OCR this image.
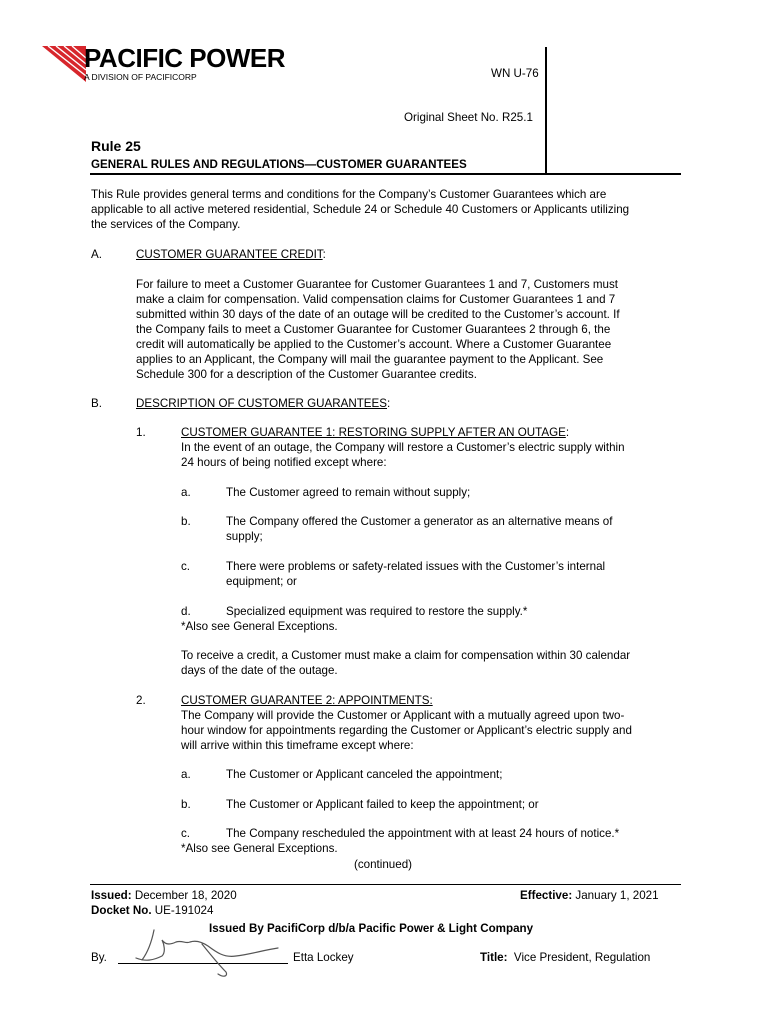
PACIFIC POWER
A DIVISION OF PACIFICORP	WN U-76
Original Sheet No. R25.1
Rule 25
GENERAL RULES AND REGULATIONS—CUSTOMER GUARANTEES
This Rule provides general terms and conditions for the Company’s Customer Guarantees which are
applicable to all active metered residential, Schedule 24 or Schedule 40 Customers or Applicants utilizing
the services of the Company.
A.	CUSTOMER GUARANTEE CREDIT:
For failure to meet a Customer Guarantee for Customer Guarantees 1 and 7, Customers must
make a claim for compensation. Valid compensation claims for Customer Guarantees 1 and 7
submitted within 30 days of the date of an outage will be credited to the Customer’s account. If
the Company fails to meet a Customer Guarantee for Customer Guarantees 2 through 6, the
credit will automatically be applied to the Customer’s account. Where a Customer Guarantee
applies to an Applicant, the Company will mail the guarantee payment to the Applicant. See
Schedule 300 for a description of the Customer Guarantee credits.
B.	DESCRIPTION OF CUSTOMER GUARANTEES:
1.	CUSTOMER GUARANTEE 1: RESTORING SUPPLY AFTER AN OUTAGE:
In the event of an outage, the Company will restore a Customer’s electric supply within
24 hours of being notified except where:
a.	The Customer agreed to remain without supply;
b.	The Company offered the Customer a generator as an alternative means of
supply;
c.	There were problems or safety-related issues with the Customer’s internal
equipment; or
d.	Specialized equipment was required to restore the supply.*
*Also see General Exceptions.
To receive a credit, a Customer must make a claim for compensation within 30 calendar
days of the date of the outage.
2.	CUSTOMER GUARANTEE 2: APPOINTMENTS:
The Company will provide the Customer or Applicant with a mutually agreed upon two-
hour window for appointments regarding the Customer or Applicant’s electric supply and
will arrive within this timeframe except where:
a.	The Customer or Applicant canceled the appointment;
b.	The Customer or Applicant failed to keep the appointment; or
c.	The Company rescheduled the appointment with at least 24 hours of notice.*
*Also see General Exceptions.
(continued)
Issued: December 18, 2020
Docket No. UE-191024
Effective: January 1, 2021
Issued By PacifiCorp d/b/a Pacific Power & Light Company
By.	Etta Lockey	Title:  Vice President, Regulation
